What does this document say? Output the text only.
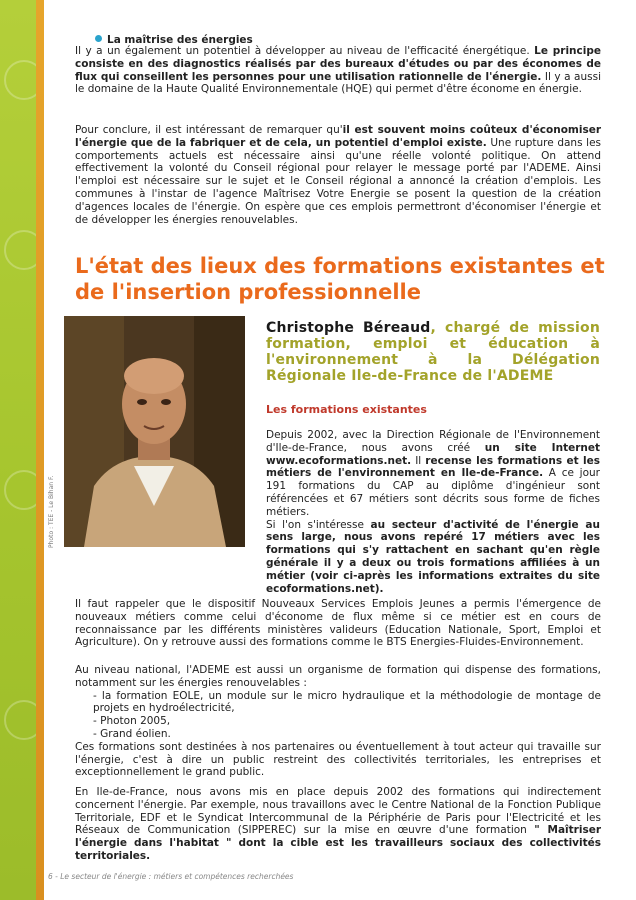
La maîtrise des énergies

Il y a un également un potentiel à développer au niveau de l'efficacité énergétique. Le principe consiste en des diagnostics réalisés par des bureaux d'études ou par des économes de flux qui conseillent les personnes pour une utilisation rationnelle de l'énergie. Il y a aussi le domaine de la Haute Qualité Environnementale (HQE) qui permet d'être économe en énergie.

Pour conclure, il est intéressant de remarquer qu'il est souvent moins coûteux d'économiser l'énergie que de la fabriquer et de cela, un potentiel d'emploi existe. Une rupture dans les comportements actuels est nécessaire ainsi qu'une réelle volonté politique. On attend effectivement la volonté du Conseil régional pour relayer le message porté par l'ADEME. Ainsi l'emploi est nécessaire sur le sujet et le Conseil régional a annoncé la création d'emplois. Les communes à l'instar de l'agence Maîtrisez Votre Energie se posent la question de la création d'agences locales de l'énergie. On espère que ces emplois permettront d'économiser l'énergie et de développer les énergies renouvelables.

L'état des lieux des formations existantes et de l'insertion professionnelle
Photo : TEE - Le Bihan F.
Christophe Béreaud, chargé de mission formation, emploi et éducation à l'environnement à la Délégation Régionale Ile-de-France de l'ADEME
Les formations existantes

Depuis 2002, avec la Direction Régionale de l'Environnement d'Ile-de-France, nous avons créé un site Internet www.ecoformations.net. Il recense les formations et les métiers de l'environnement en Ile-de-France. A ce jour 191 formations du CAP au diplôme d'ingénieur sont référencées et 67 métiers sont décrits sous forme de fiches métiers.
Si l'on s'intéresse au secteur d'activité de l'énergie au sens large, nous avons repéré 17 métiers avec les formations qui s'y rattachent en sachant qu'en règle générale il y a deux ou trois formations affiliées à un métier (voir ci-après les informations extraites du site ecoformations.net).

Il faut rappeler que le dispositif Nouveaux Services Emplois Jeunes a permis l'émergence de nouveaux métiers comme celui d'économe de flux même si ce métier est en cours de reconnaissance par les différents ministères valideurs (Education Nationale, Sport, Emploi et Agriculture). On y retrouve aussi des formations comme le BTS Energies-Fluides-Environnement.

Au niveau national, l'ADEME est aussi un organisme de formation qui dispense des formations, notamment sur les énergies renouvelables :

- la formation EOLE, un module sur le micro hydraulique et la méthodologie de montage de projets en hydroélectricité,
- Photon 2005,
- Grand éolien.

Ces formations sont destinées à nos partenaires ou éventuellement à tout acteur qui travaille sur l'énergie, c'est à dire un public restreint des collectivités territoriales, les entreprises et exceptionnellement le grand public.

En Ile-de-France, nous avons mis en place depuis 2002 des formations qui indirectement concernent l'énergie. Par exemple, nous travaillons avec le Centre National de la Fonction Publique Territoriale, EDF et le Syndicat Intercommunal de la Périphérie de Paris pour l'Electricité et les Réseaux de Communication (SIPPEREC) sur la mise en œuvre d'une formation " Maîtriser l'énergie dans l'habitat " dont la cible est les travailleurs sociaux des collectivités territoriales.

6 - Le secteur de l'énergie : métiers et compétences recherchées
